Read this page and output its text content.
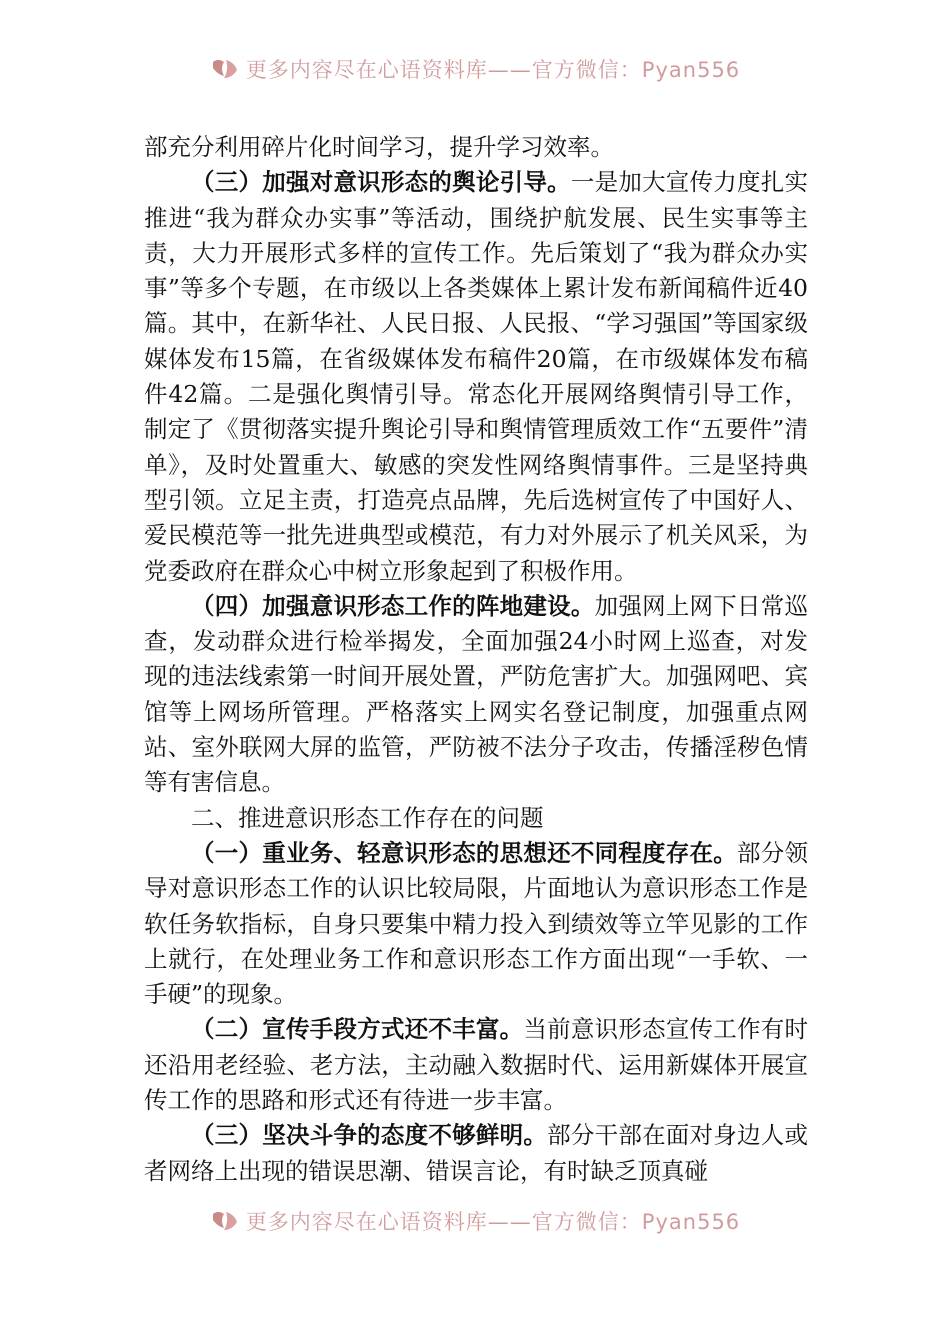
更多内容尽在心语资料库——官方微信：Pyan556

部充分利用碎片化时间学习，提升学习效率。

（三）加强对意识形态的舆论引导。一是加大宣传力度扎实推进“我为群众办实事”等活动，围绕护航发展、民生实事等主责，大力开展形式多样的宣传工作。先后策划了“我为群众办实事”等多个专题，在市级以上各类媒体上累计发布新闻稿件近40篇。其中，在新华社、人民日报、人民报、“学习强国”等国家级媒体发布15篇，在省级媒体发布稿件20篇，在市级媒体发布稿件42篇。二是强化舆情引导。常态化开展网络舆情引导工作，制定了《贯彻落实提升舆论引导和舆情管理质效工作“五要件”清单》，及时处置重大、敏感的突发性网络舆情事件。三是坚持典型引领。立足主责，打造亮点品牌，先后选树宣传了中国好人、爱民模范等一批先进典型或模范，有力对外展示了机关风采，为党委政府在群众心中树立形象起到了积极作用。

（四）加强意识形态工作的阵地建设。加强网上网下日常巡查，发动群众进行检举揭发，全面加强24小时网上巡查，对发现的违法线索第一时间开展处置，严防危害扩大。加强网吧、宾馆等上网场所管理。严格落实上网实名登记制度，加强重点网站、室外联网大屏的监管，严防被不法分子攻击，传播淫秽色情等有害信息。

二、推进意识形态工作存在的问题

（一）重业务、轻意识形态的思想还不同程度存在。部分领导对意识形态工作的认识比较局限，片面地认为意识形态工作是软任务软指标，自身只要集中精力投入到绩效等立竿见影的工作上就行，在处理业务工作和意识形态工作方面出现“一手软、一手硬”的现象。

（二）宣传手段方式还不丰富。当前意识形态宣传工作有时还沿用老经验、老方法，主动融入数据时代、运用新媒体开展宣传工作的思路和形式还有待进一步丰富。

（三）坚决斗争的态度不够鲜明。部分干部在面对身边人或者网络上出现的错误思潮、错误言论，有时缺乏顶真碰

更多内容尽在心语资料库——官方微信：Pyan556
